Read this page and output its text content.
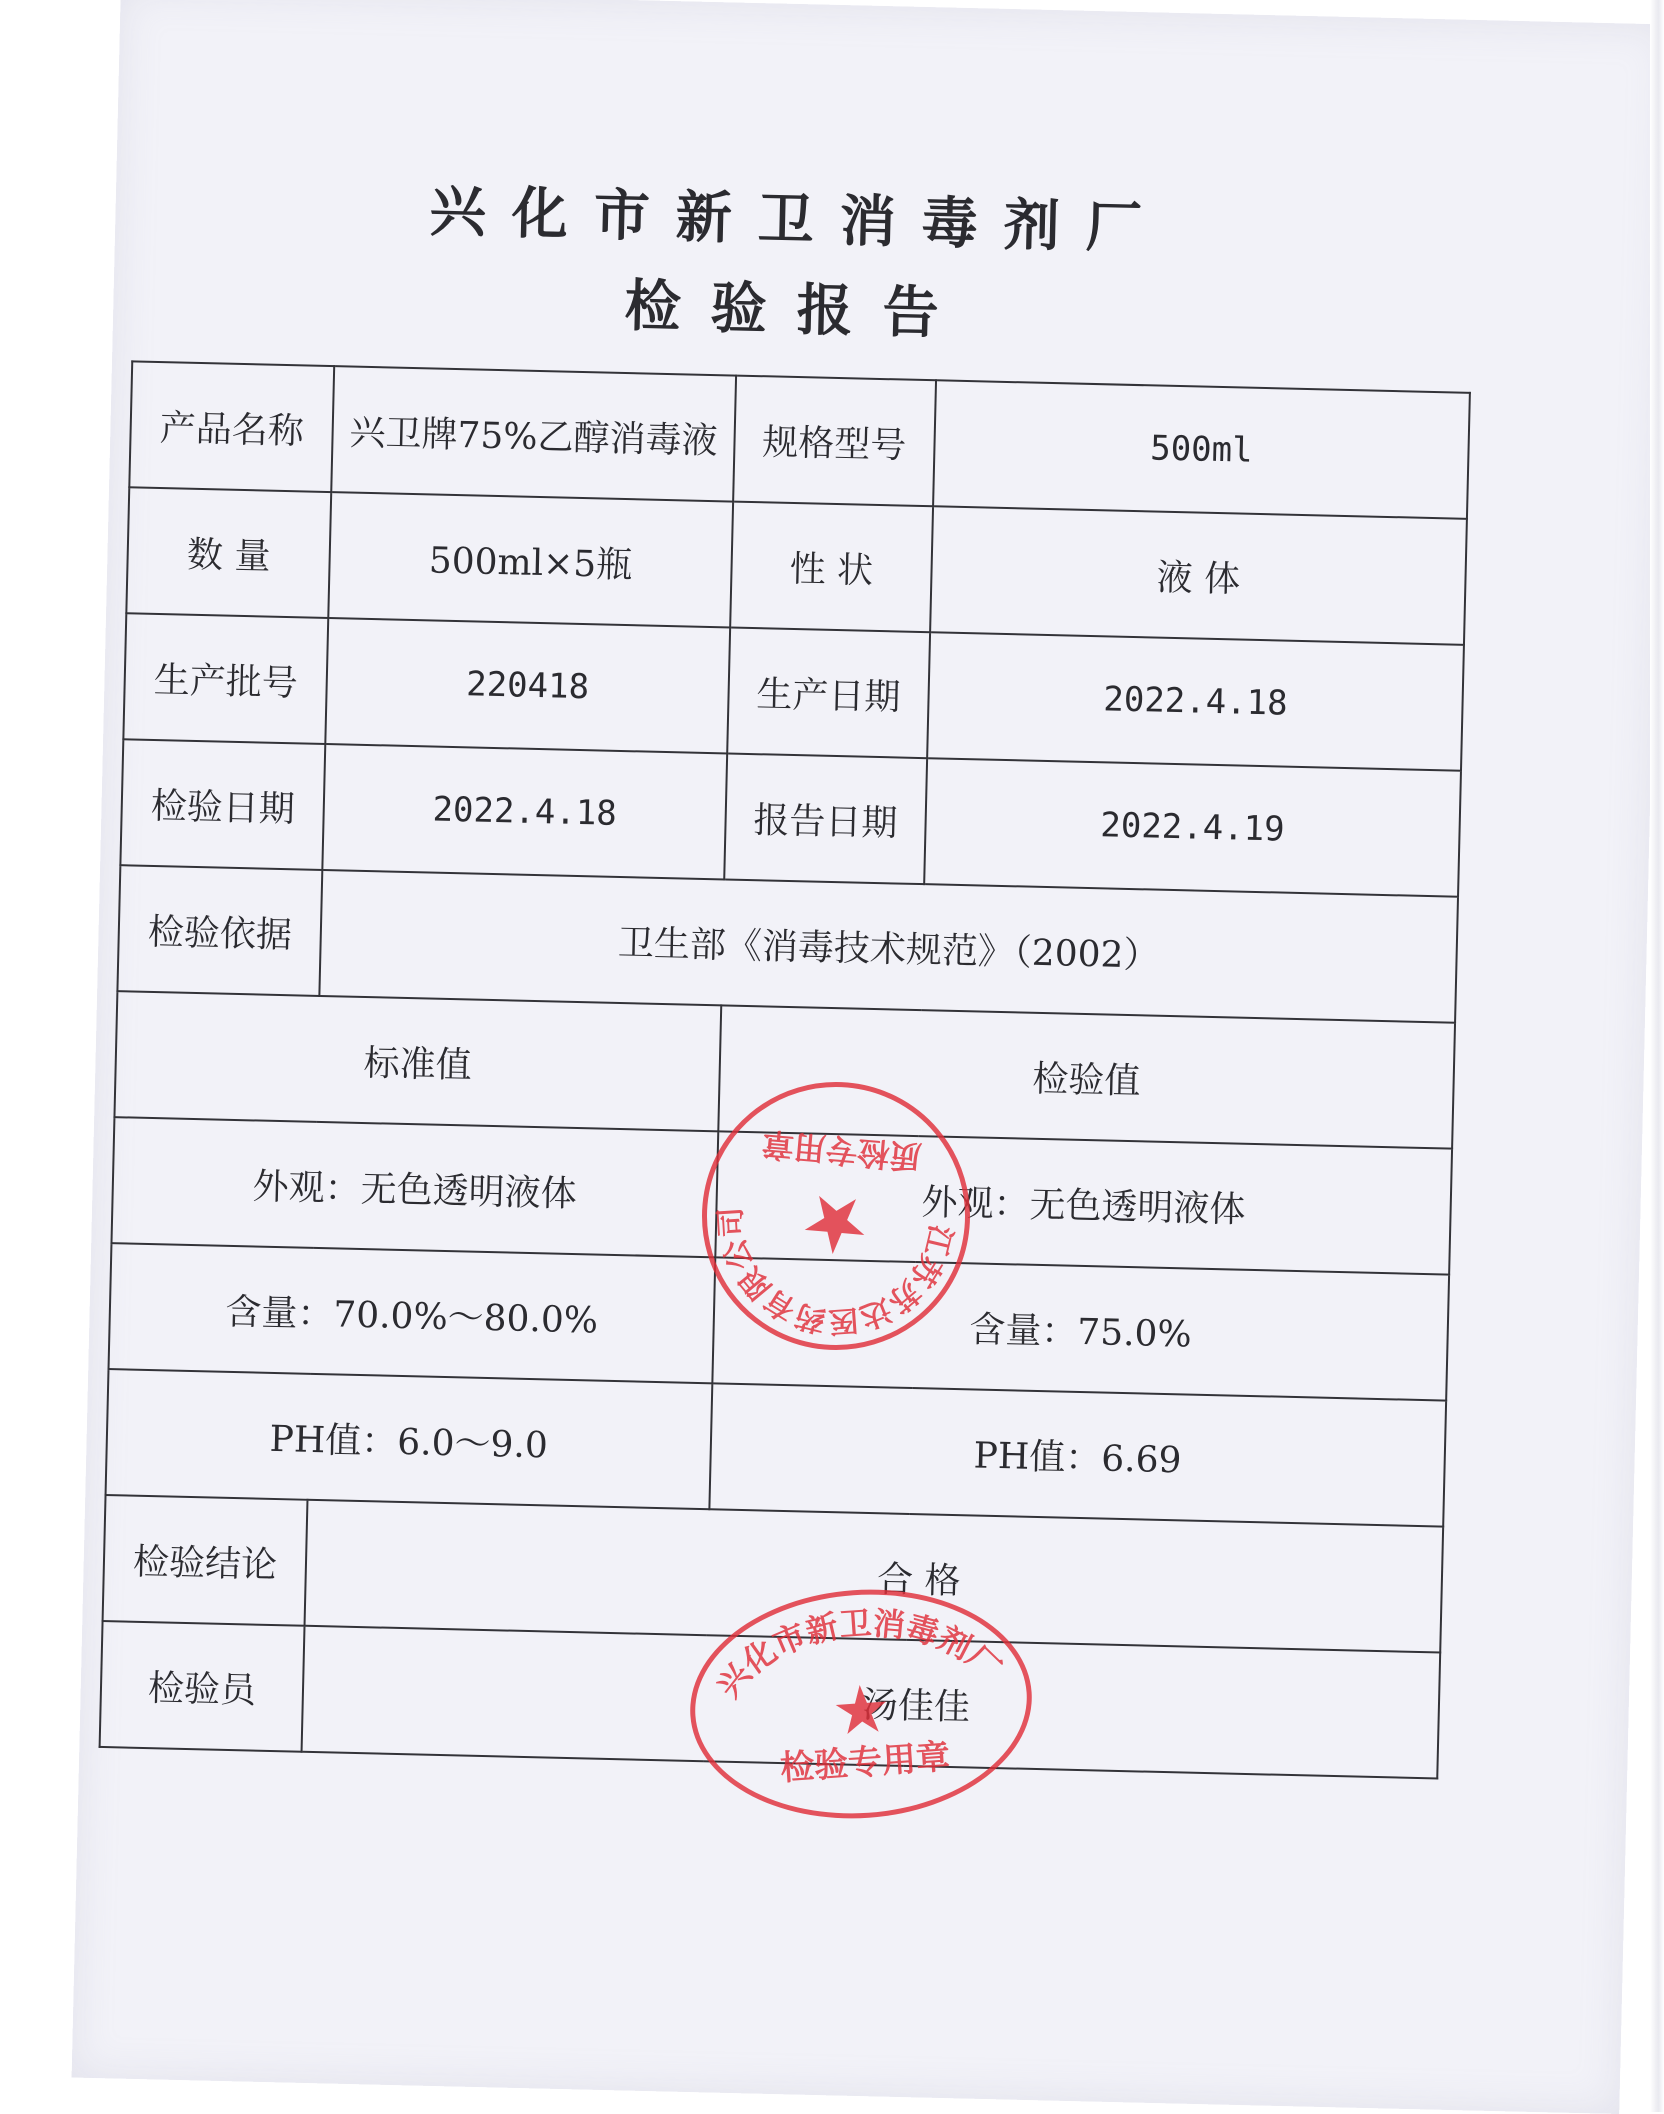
兴化市新卫消毒剂厂
检验报告
产品名称	兴卫牌75%乙醇消毒液	规格型号	500ml
数 量	500ml×5瓶	性 状	液 体
生产批号	220418	生产日期	2022.4.18
检验日期	2022.4.18	报告日期	2022.4.19
检验依据	卫生部《消毒技术规范》（2002）		
标准值		检验值	
外观：无色透明液体		外观：无色透明液体	
含量：70.0%～80.0%		含量：75.0%	
PH值：6.0～9.0		PH值：6.69	
检验结论	合 格		
检验员	汤佳佳		
江苏苏达医药有限公司 ★
质检专用章
兴化市新卫消毒剂厂
★
检验专用章
